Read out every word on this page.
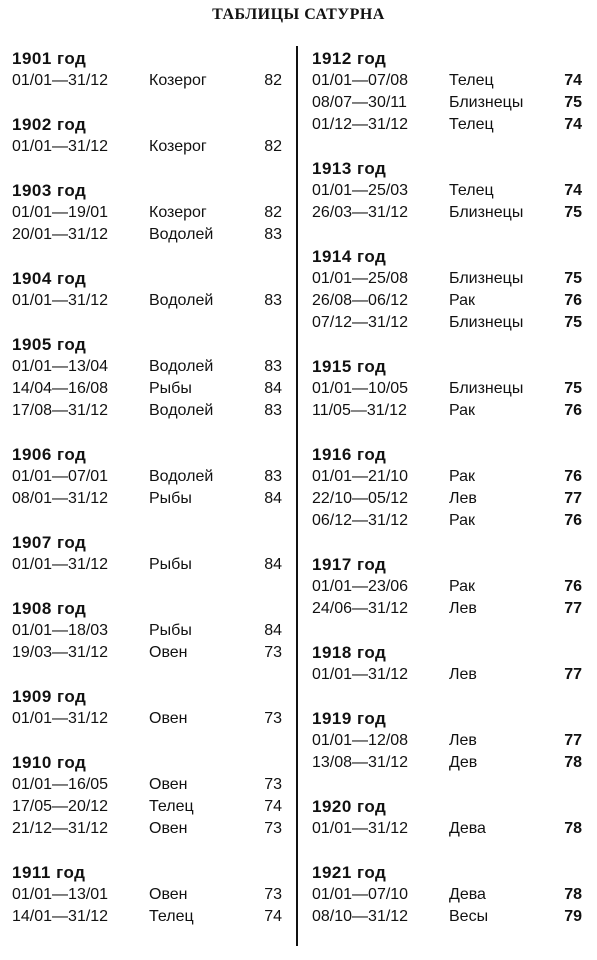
ТАБЛИЦЫ САТУРНА
1901 год
01/01—31/12	Козерог	82
1902 год
01/01—31/12	Козерог	82
1903 год
01/01—19/01	Козерог	82
20/01—31/12	Водолей	83
1904 год
01/01—31/12	Водолей	83
1905 год
01/01—13/04	Водолей	83
14/04—16/08	Рыбы	84
17/08—31/12	Водолей	83
1906 год
01/01—07/01	Водолей	83
08/01—31/12	Рыбы	84
1907 год
01/01—31/12	Рыбы	84
1908 год
01/01—18/03	Рыбы	84
19/03—31/12	Овен	73
1909 год
01/01—31/12	Овен	73
1910 год
01/01—16/05	Овен	73
17/05—20/12	Телец	74
21/12—31/12	Овен	73
1911 год
01/01—13/01	Овен	73
14/01—31/12	Телец	74
1912 год
01/01—07/08	Телец	74
08/07—30/11	Близнецы	75
01/12—31/12	Телец	74
1913 год
01/01—25/03	Телец	74
26/03—31/12	Близнецы	75
1914 год
01/01—25/08	Близнецы	75
26/08—06/12	Рак	76
07/12—31/12	Близнецы	75
1915 год
01/01—10/05	Близнецы	75
11/05—31/12	Рак	76
1916 год
01/01—21/10	Рак	76
22/10—05/12	Лев	77
06/12—31/12	Рак	76
1917 год
01/01—23/06	Рак	76
24/06—31/12	Лев	77
1918 год
01/01—31/12	Лев	77
1919 год
01/01—12/08	Лев	77
13/08—31/12	Дев	78
1920 год
01/01—31/12	Дева	78
1921 год
01/01—07/10	Дева	78
08/10—31/12	Весы	79
